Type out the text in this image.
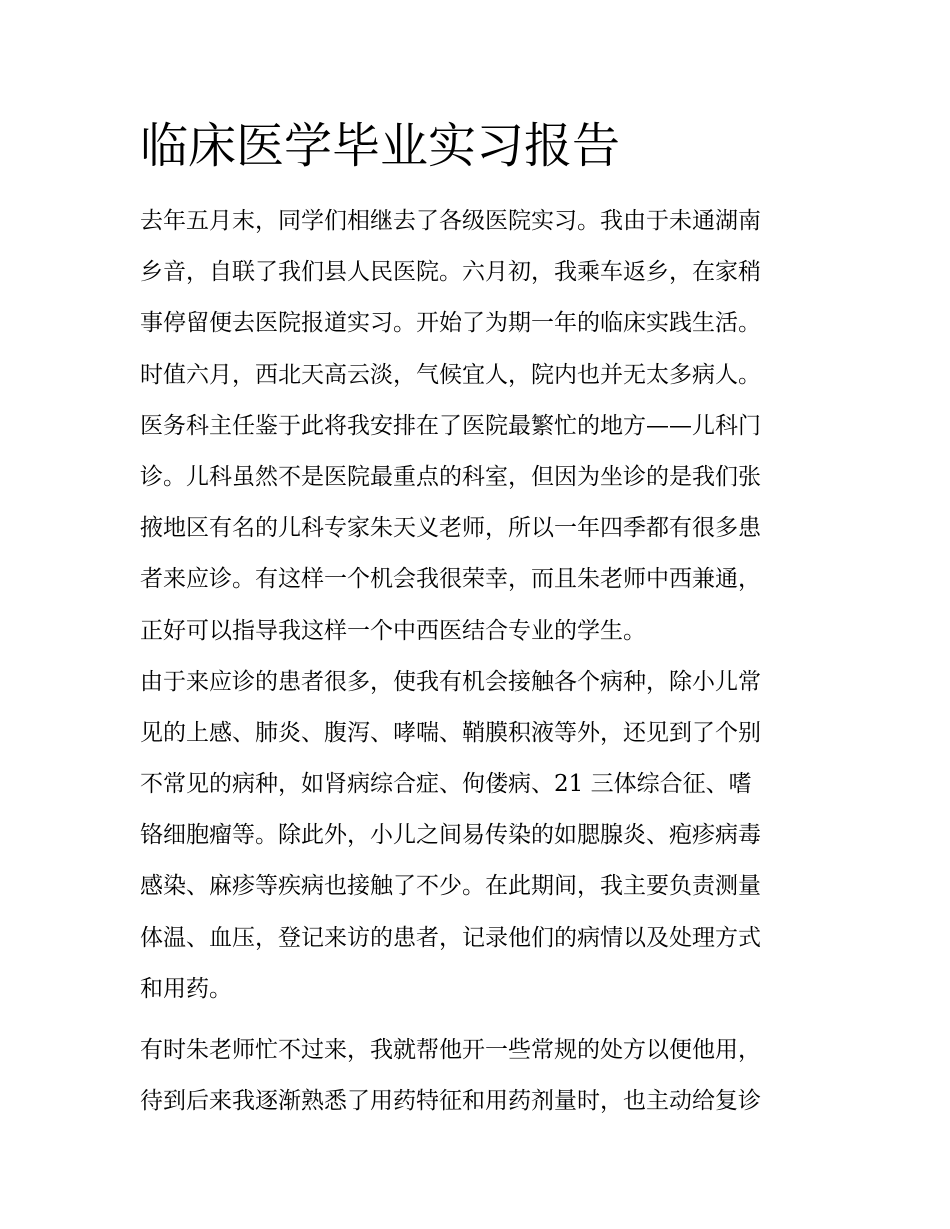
临床医学毕业实习报告
去年五月末，同学们相继去了各级医院实习。我由于未通湖南
乡音，自联了我们县人民医院。六月初，我乘车返乡，在家稍
事停留便去医院报道实习。开始了为期一年的临床实践生活。
时值六月，西北天高云淡，气候宜人，院内也并无太多病人。
医务科主任鉴于此将我安排在了医院最繁忙的地方——儿科门
诊。儿科虽然不是医院最重点的科室，但因为坐诊的是我们张
掖地区有名的儿科专家朱天义老师，所以一年四季都有很多患
者来应诊。有这样一个机会我很荣幸，而且朱老师中西兼通，
正好可以指导我这样一个中西医结合专业的学生。
由于来应诊的患者很多，使我有机会接触各个病种，除小儿常
见的上感、肺炎、腹泻、哮喘、鞘膜积液等外，还见到了个别
不常见的病种，如肾病综合症、佝偻病、21 三体综合征、嗜
铬细胞瘤等。除此外，小儿之间易传染的如腮腺炎、疱疹病毒
感染、麻疹等疾病也接触了不少。在此期间，我主要负责测量
体温、血压，登记来访的患者，记录他们的病情以及处理方式
和用药。
有时朱老师忙不过来，我就帮他开一些常规的处方以便他用，
待到后来我逐渐熟悉了用药特征和用药剂量时，也主动给复诊
